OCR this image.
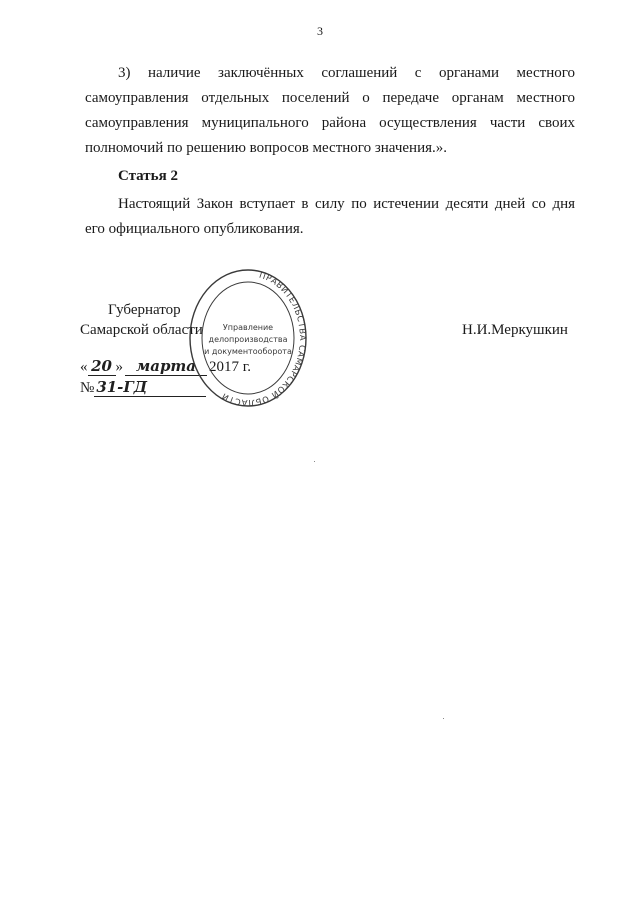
3
3) наличие заключённых соглашений с органами местного
самоуправления отдельных поселений о передаче органам местного
самоуправления муниципального района осуществления части своих
полномочий по решению вопросов местного значения.».
Статья 2
Настоящий Закон вступает в силу по истечении десяти дней со дня
его официального опубликования.
Губернатор
Самарской области	Н.И.Меркушкин
« 20 » марта 2017 г.
№ 31-ГД
ПРАВИТЕЛЬСТВА САМАРСКОЙ ОБЛАСТИ
Управление
делопроизводства
и документооборота
